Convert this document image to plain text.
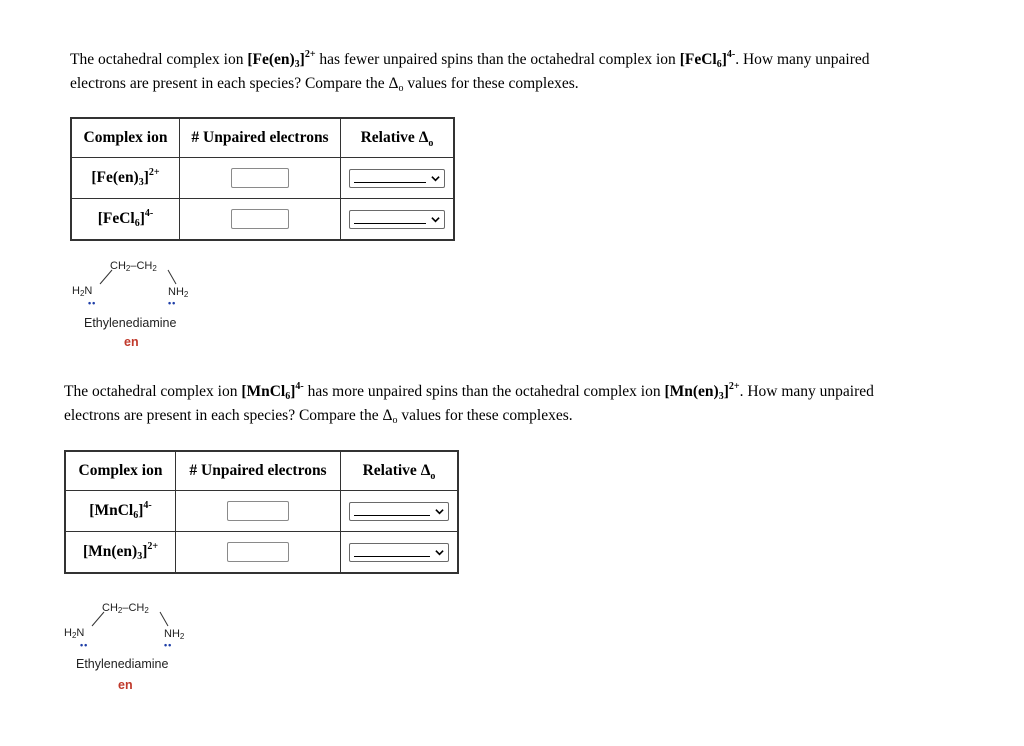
The octahedral complex ion $[Fe(en)_3]^{2+}$ has fewer unpaired spins than the octahedral complex ion [FeCl$_6$]$^{4-}$. How many unpaired
electrons are present in each species? Compare the $\Delta_o$ values for these complexes.

Complex ion	# Unpaired electrons	Relative $\Delta_o$
$[Fe(en)_3]^{2+}$		

[FeCl$_6$]$^{4-}$		
CH2–CH2
H2N	NH2
••	••
Ethylenediamine
en

The octahedral complex ion [MnCl$_6$]$^{4-}$ has more unpaired spins than the octahedral complex ion $[Mn(en)_3]^{2+}$. How many unpaired
electrons are present in each species? Compare the $\Delta_o$ values for these complexes.

Complex ion	# Unpaired electrons	Relative $\Delta_o$
[MnCl$_6$]$^{4-}$		

$[Mn(en)_3]^{2+}$		
CH2–CH2
H2N	NH2
••	••
Ethylenediamine
en
